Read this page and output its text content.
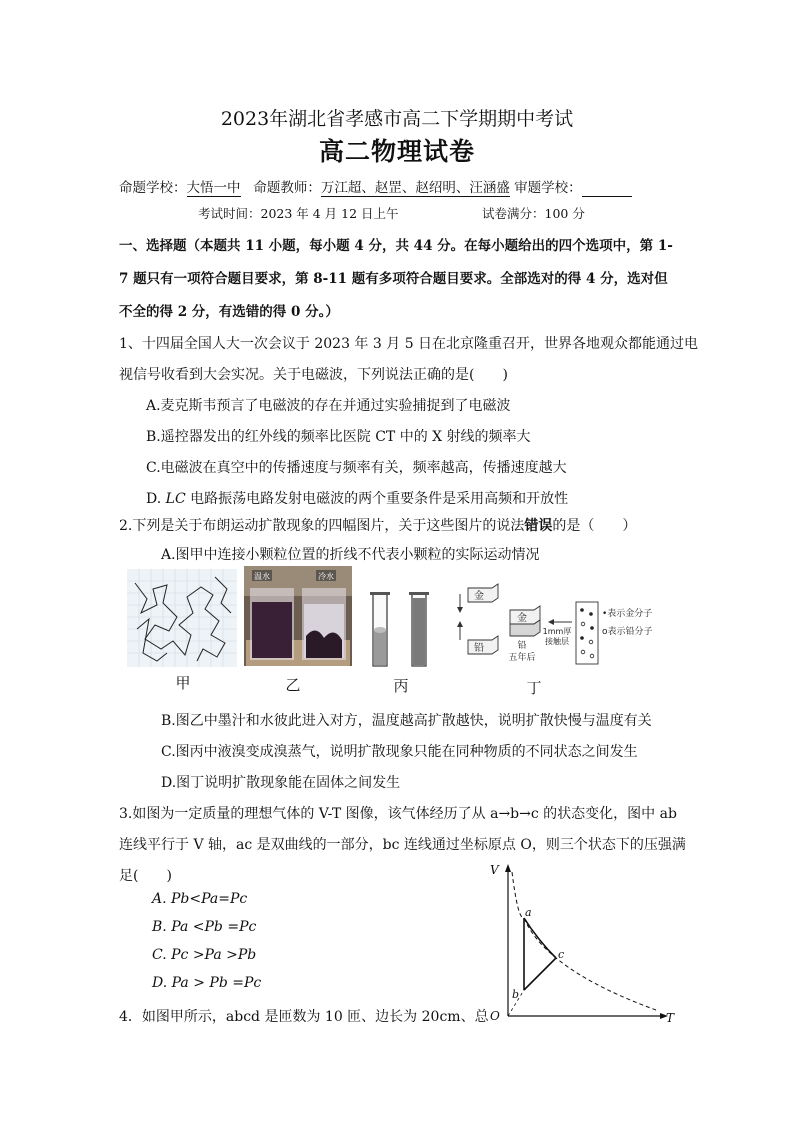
2023年湖北省孝感市高二下学期期中考试
高二物理试卷
命题学校：大悟一中 命题教师：万江超、赵罡、赵绍明、汪涵盛 审题学校：
考试时间：2023 年 4 月 12 日上午	试卷满分：100 分
一、选择题（本题共 11 小题，每小题 4 分，共 44 分。在每小题给出的四个选项中，第 1-
7 题只有一项符合题目要求，第 8-11 题有多项符合题目要求。全部选对的得 4 分，选对但
不全的得 2 分，有选错的得 0 分。）
1、十四届全国人大一次会议于 2023 年 3 月 5 日在北京隆重召开，世界各地观众都能通过电
视信号收看到大会实况。关于电磁波，下列说法正确的是(　　)
A.麦克斯韦预言了电磁波的存在并通过实验捕捉到了电磁波
B.遥控器发出的红外线的频率比医院 CT 中的 X 射线的频率大
C.电磁波在真空中的传播速度与频率有关，频率越高，传播速度越大
D. LC 电路振荡电路发射电磁波的两个重要条件是采用高频和开放性
2.下列是关于布朗运动扩散现象的四幅图片，关于这些图片的说法错误的是（　　）
A.图甲中连接小颗粒位置的折线不代表小颗粒的实际运动情况
甲
温水	冷水
乙	丙
金
铅
金
铅
五年后
1mm厚
接触层
•表示金分子
o表示铅分子
丁
B.图乙中墨汁和水彼此进入对方，温度越高扩散越快，说明扩散快慢与温度有关
C.图丙中液溴变成溴蒸气，说明扩散现象只能在同种物质的不同状态之间发生
D.图丁说明扩散现象能在固体之间发生
3.如图为一定质量的理想气体的 V-T 图像，该气体经历了从 a→b→c 的状态变化，图中 ab
连线平行于 V 轴，ac 是双曲线的一部分，bc 连线通过坐标原点 O，则三个状态下的压强满
足(　　)
A. Pb<Pa=Pc
B. Pa <Pb =Pc
C. Pc >Pa >Pb
D. Pa > Pb =Pc
V
T
O
a
b
c
4．如图甲所示，abcd 是匝数为 10 匝、边长为 20cm、总
